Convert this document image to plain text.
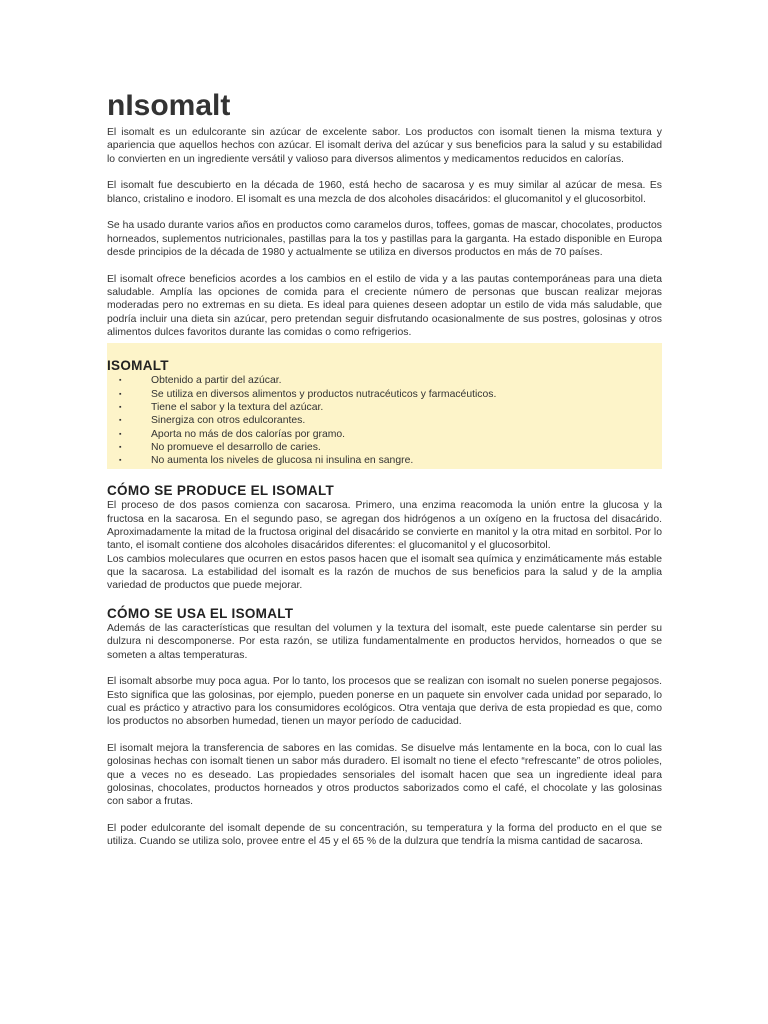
nIsomalt

El isomalt es un edulcorante sin azúcar de excelente sabor. Los productos con isomalt tienen la misma textura y apariencia que aquellos hechos con azúcar. El isomalt deriva del azúcar y sus beneficios para la salud y su estabilidad lo convierten en un ingrediente versátil y valioso para diversos alimentos y medicamentos reducidos en calorías.

El isomalt fue descubierto en la década de 1960, está hecho de sacarosa y es muy similar al azúcar de mesa. Es blanco, cristalino e inodoro. El isomalt es una mezcla de dos alcoholes disacáridos: el glucomanitol y el glucosorbitol.

Se ha usado durante varios años en productos como caramelos duros, toffees, gomas de mascar, chocolates, productos horneados, suplementos nutricionales, pastillas para la tos y pastillas para la garganta. Ha estado disponible en Europa desde principios de la década de 1980 y actualmente se utiliza en diversos productos en más de 70 países.

El isomalt ofrece beneficios acordes a los cambios en el estilo de vida y a las pautas contemporáneas para una dieta saludable. Amplía las opciones de comida para el creciente número de personas que buscan realizar mejoras moderadas pero no extremas en su dieta. Es ideal para quienes deseen adoptar un estilo de vida más saludable, que podría incluir una dieta sin azúcar, pero pretendan seguir disfrutando ocasionalmente de sus postres, golosinas y otros alimentos dulces favoritos durante las comidas o como refrigerios.

ISOMALT
▪	Obtenido a partir del azúcar.
▪	Se utiliza en diversos alimentos y productos nutracéuticos y farmacéuticos.
▪	Tiene el sabor y la textura del azúcar.
▪	Sinergiza con otros edulcorantes.
▪	Aporta no más de dos calorías por gramo.
▪	No promueve el desarrollo de caries.
▪	No aumenta los niveles de glucosa ni insulina en sangre.
CÓMO SE PRODUCE EL ISOMALT

El proceso de dos pasos comienza con sacarosa. Primero, una enzima reacomoda la unión entre la glucosa y la fructosa en la sacarosa. En el segundo paso, se agregan dos hidrógenos a un oxígeno en la fructosa del disacárido. Aproximadamente la mitad de la fructosa original del disacárido se convierte en manitol y la otra mitad en sorbitol. Por lo tanto, el isomalt contiene dos alcoholes disacáridos diferentes: el glucomanitol y el glucosorbitol.

Los cambios moleculares que ocurren en estos pasos hacen que el isomalt sea química y enzimáticamente más estable que la sacarosa. La estabilidad del isomalt es la razón de muchos de sus beneficios para la salud y de la amplia variedad de productos que puede mejorar.

CÓMO SE USA EL ISOMALT

Además de las características que resultan del volumen y la textura del isomalt, este puede calentarse sin perder su dulzura ni descomponerse. Por esta razón, se utiliza fundamentalmente en productos hervidos, horneados o que se someten a altas temperaturas.

El isomalt absorbe muy poca agua. Por lo tanto, los procesos que se realizan con isomalt no suelen ponerse pegajosos. Esto significa que las golosinas, por ejemplo, pueden ponerse en un paquete sin envolver cada unidad por separado, lo cual es práctico y atractivo para los consumidores ecológicos. Otra ventaja que deriva de esta propiedad es que, como los productos no absorben humedad, tienen un mayor período de caducidad.

El isomalt mejora la transferencia de sabores en las comidas. Se disuelve más lentamente en la boca, con lo cual las golosinas hechas con isomalt tienen un sabor más duradero. El isomalt no tiene el efecto “refrescante” de otros polioles, que a veces no es deseado. Las propiedades sensoriales del isomalt hacen que sea un ingrediente ideal para golosinas, chocolates, productos horneados y otros productos saborizados como el café, el chocolate y las golosinas con sabor a frutas.

El poder edulcorante del isomalt depende de su concentración, su temperatura y la forma del producto en el que se utiliza. Cuando se utiliza solo, provee entre el 45 y el 65 % de la dulzura que tendría la misma cantidad de sacarosa.
